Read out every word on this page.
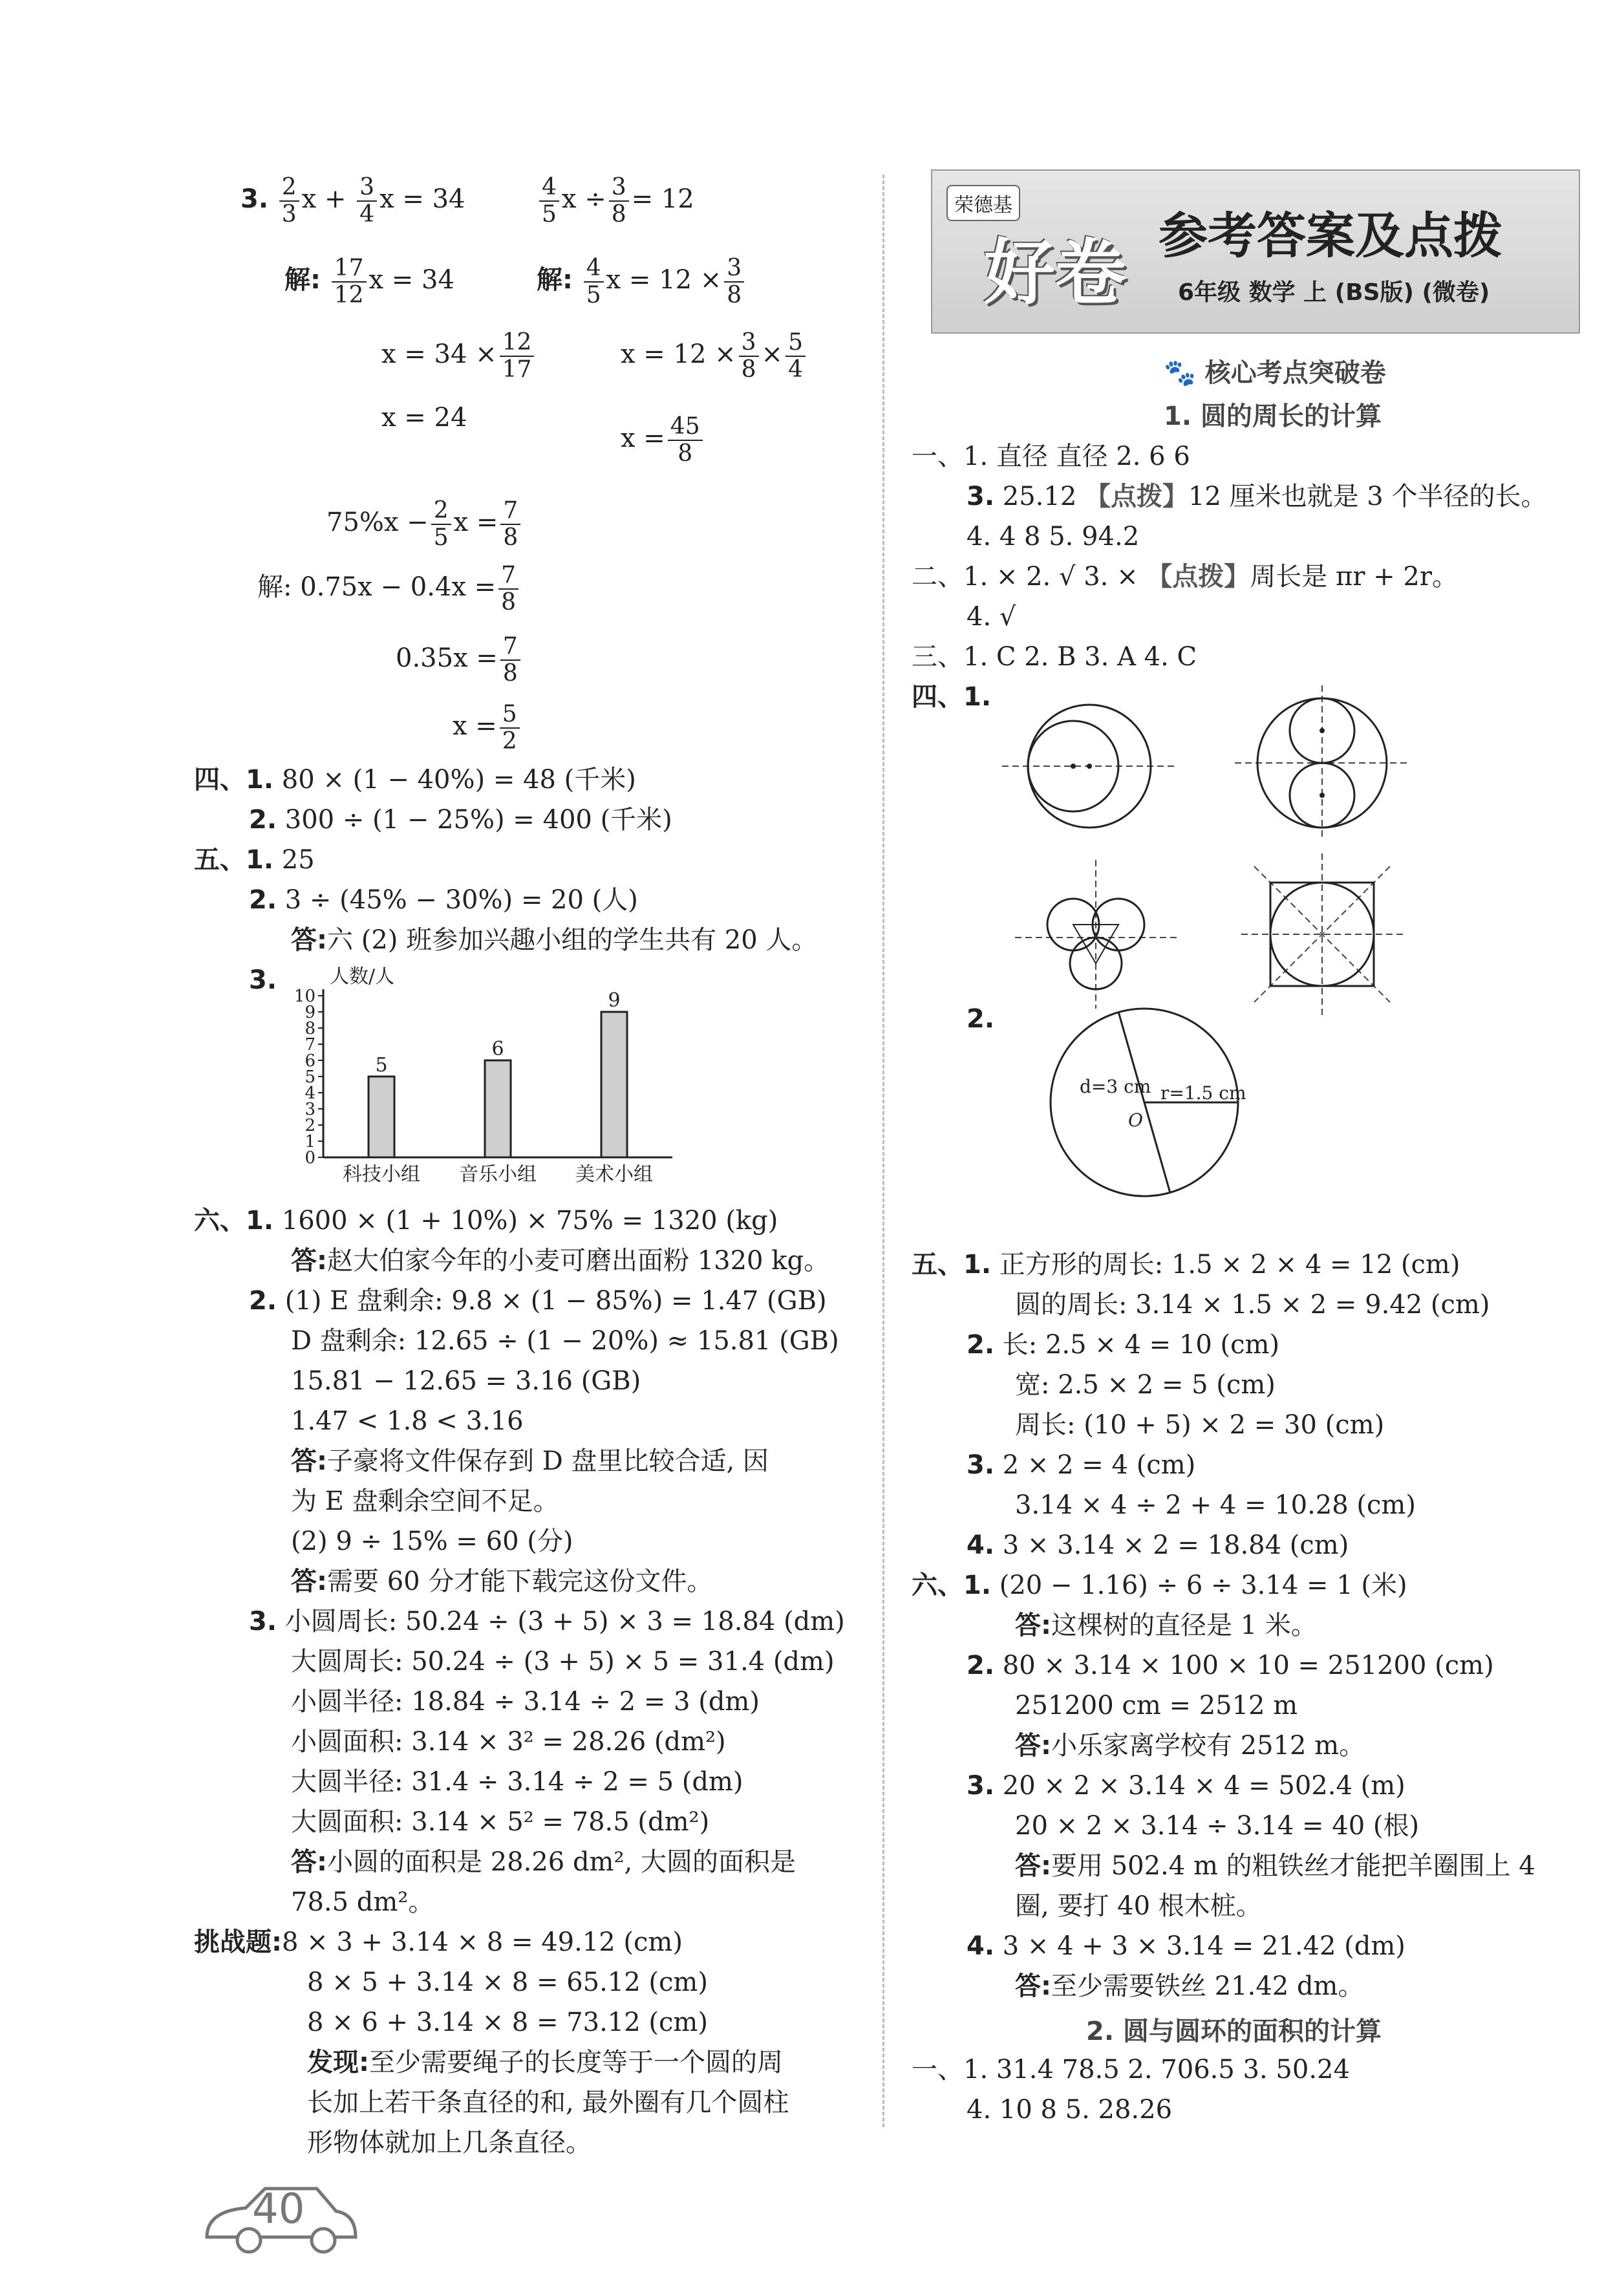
3. $\frac{2}{3}$ $x + \frac{3}{4}$ x = 34	$\frac{4}{5}$ $x \div \frac{3}{8} = 12$
解: $\frac{17}{12}$ x = 34	解: $\frac{4}{5}$ $x = 12 \times \frac{3}{8}$
$x = 34 \times \frac{12}{17}$	$x = 12 \times \frac{3}{8} \times \frac{5}{4}$
x = 24
$x = \frac{45}{8}$
$75\%x - \frac{2}{5}$ $x = \frac{7}{8}$
解: $0.75x - 0.4x = \frac{7}{8}$
$0.35x = \frac{7}{8}$
$x = \frac{5}{2}$
四、1. 80 × (1 − 40%) = 48 (千米)
2. 300 ÷ (1 − 25%) = 400 (千米)
五、1. 25
2. 3 ÷ (45% − 30%) = 20 (人)
答:六 (2) 班参加兴趣小组的学生共有 20 人。
3.	人数/人
0
1
2
3
4
5
6
7
8
9
10
5
科技小组
6
音乐小组
9
美术小组
六、1. 1600 × (1 + 10%) × 75% = 1320 (kg)
答:赵大伯家今年的小麦可磨出面粉 1320 kg。
2. (1) E 盘剩余: 9.8 × (1 − 85%) = 1.47 (GB)
D 盘剩余: 12.65 ÷ (1 − 20%) ≈ 15.81 (GB)
15.81 − 12.65 = 3.16 (GB)
1.47 < 1.8 < 3.16
答:子豪将文件保存到 D 盘里比较合适, 因
为 E 盘剩余空间不足。
(2) 9 ÷ 15% = 60 (分)
答:需要 60 分才能下载完这份文件。
3. 小圆周长: 50.24 ÷ (3 + 5) × 3 = 18.84 (dm)
大圆周长: 50.24 ÷ (3 + 5) × 5 = 31.4 (dm)
小圆半径: 18.84 ÷ 3.14 ÷ 2 = 3 (dm)
小圆面积: 3.14 × 3² = 28.26 (dm²)
大圆半径: 31.4 ÷ 3.14 ÷ 2 = 5 (dm)
大圆面积: 3.14 × 5² = 78.5 (dm²)
答:小圆的面积是 28.26 dm², 大圆的面积是
78.5 dm²。
挑战题:8 × 3 + 3.14 × 8 = 49.12 (cm)
8 × 5 + 3.14 × 8 = 65.12 (cm)
8 × 6 + 3.14 × 8 = 73.12 (cm)
发现:至少需要绳子的长度等于一个圆的周
长加上若干条直径的和, 最外圈有几个圆柱
形物体就加上几条直径。
40
荣德基
好卷 参考答案及点拨
6年级 数学 上 (BS版) (微卷)
🐾 核心考点突破卷
1. 圆的周长的计算
一、1. 直径 直径 2. 6 6
3. 25.12 【点拨】12 厘米也就是 3 个半径的长。
4. 4 8 5. 94.2
二、1. × 2. √ 3. × 【点拨】周长是 πr + 2r。
4. √
三、1. C 2. B 3. A 4. C
四、1.
2.
d=3 cm r=1.5 cm
O
五、1. 正方形的周长: 1.5 × 2 × 4 = 12 (cm)
圆的周长: 3.14 × 1.5 × 2 = 9.42 (cm)
2. 长: 2.5 × 4 = 10 (cm)
宽: 2.5 × 2 = 5 (cm)
周长: (10 + 5) × 2 = 30 (cm)
3. 2 × 2 = 4 (cm)
3.14 × 4 ÷ 2 + 4 = 10.28 (cm)
4. 3 × 3.14 × 2 = 18.84 (cm)
六、1. (20 − 1.16) ÷ 6 ÷ 3.14 = 1 (米)
答:这棵树的直径是 1 米。
2. 80 × 3.14 × 100 × 10 = 251200 (cm)
251200 cm = 2512 m
答:小乐家离学校有 2512 m。
3. 20 × 2 × 3.14 × 4 = 502.4 (m)
20 × 2 × 3.14 ÷ 3.14 = 40 (根)
答:要用 502.4 m 的粗铁丝才能把羊圈围上 4
圈, 要打 40 根木桩。
4. 3 × 4 + 3 × 3.14 = 21.42 (dm)
答:至少需要铁丝 21.42 dm。
2. 圆与圆环的面积的计算
一、1. 31.4 78.5 2. 706.5 3. 50.24
4. 10 8 5. 28.26
